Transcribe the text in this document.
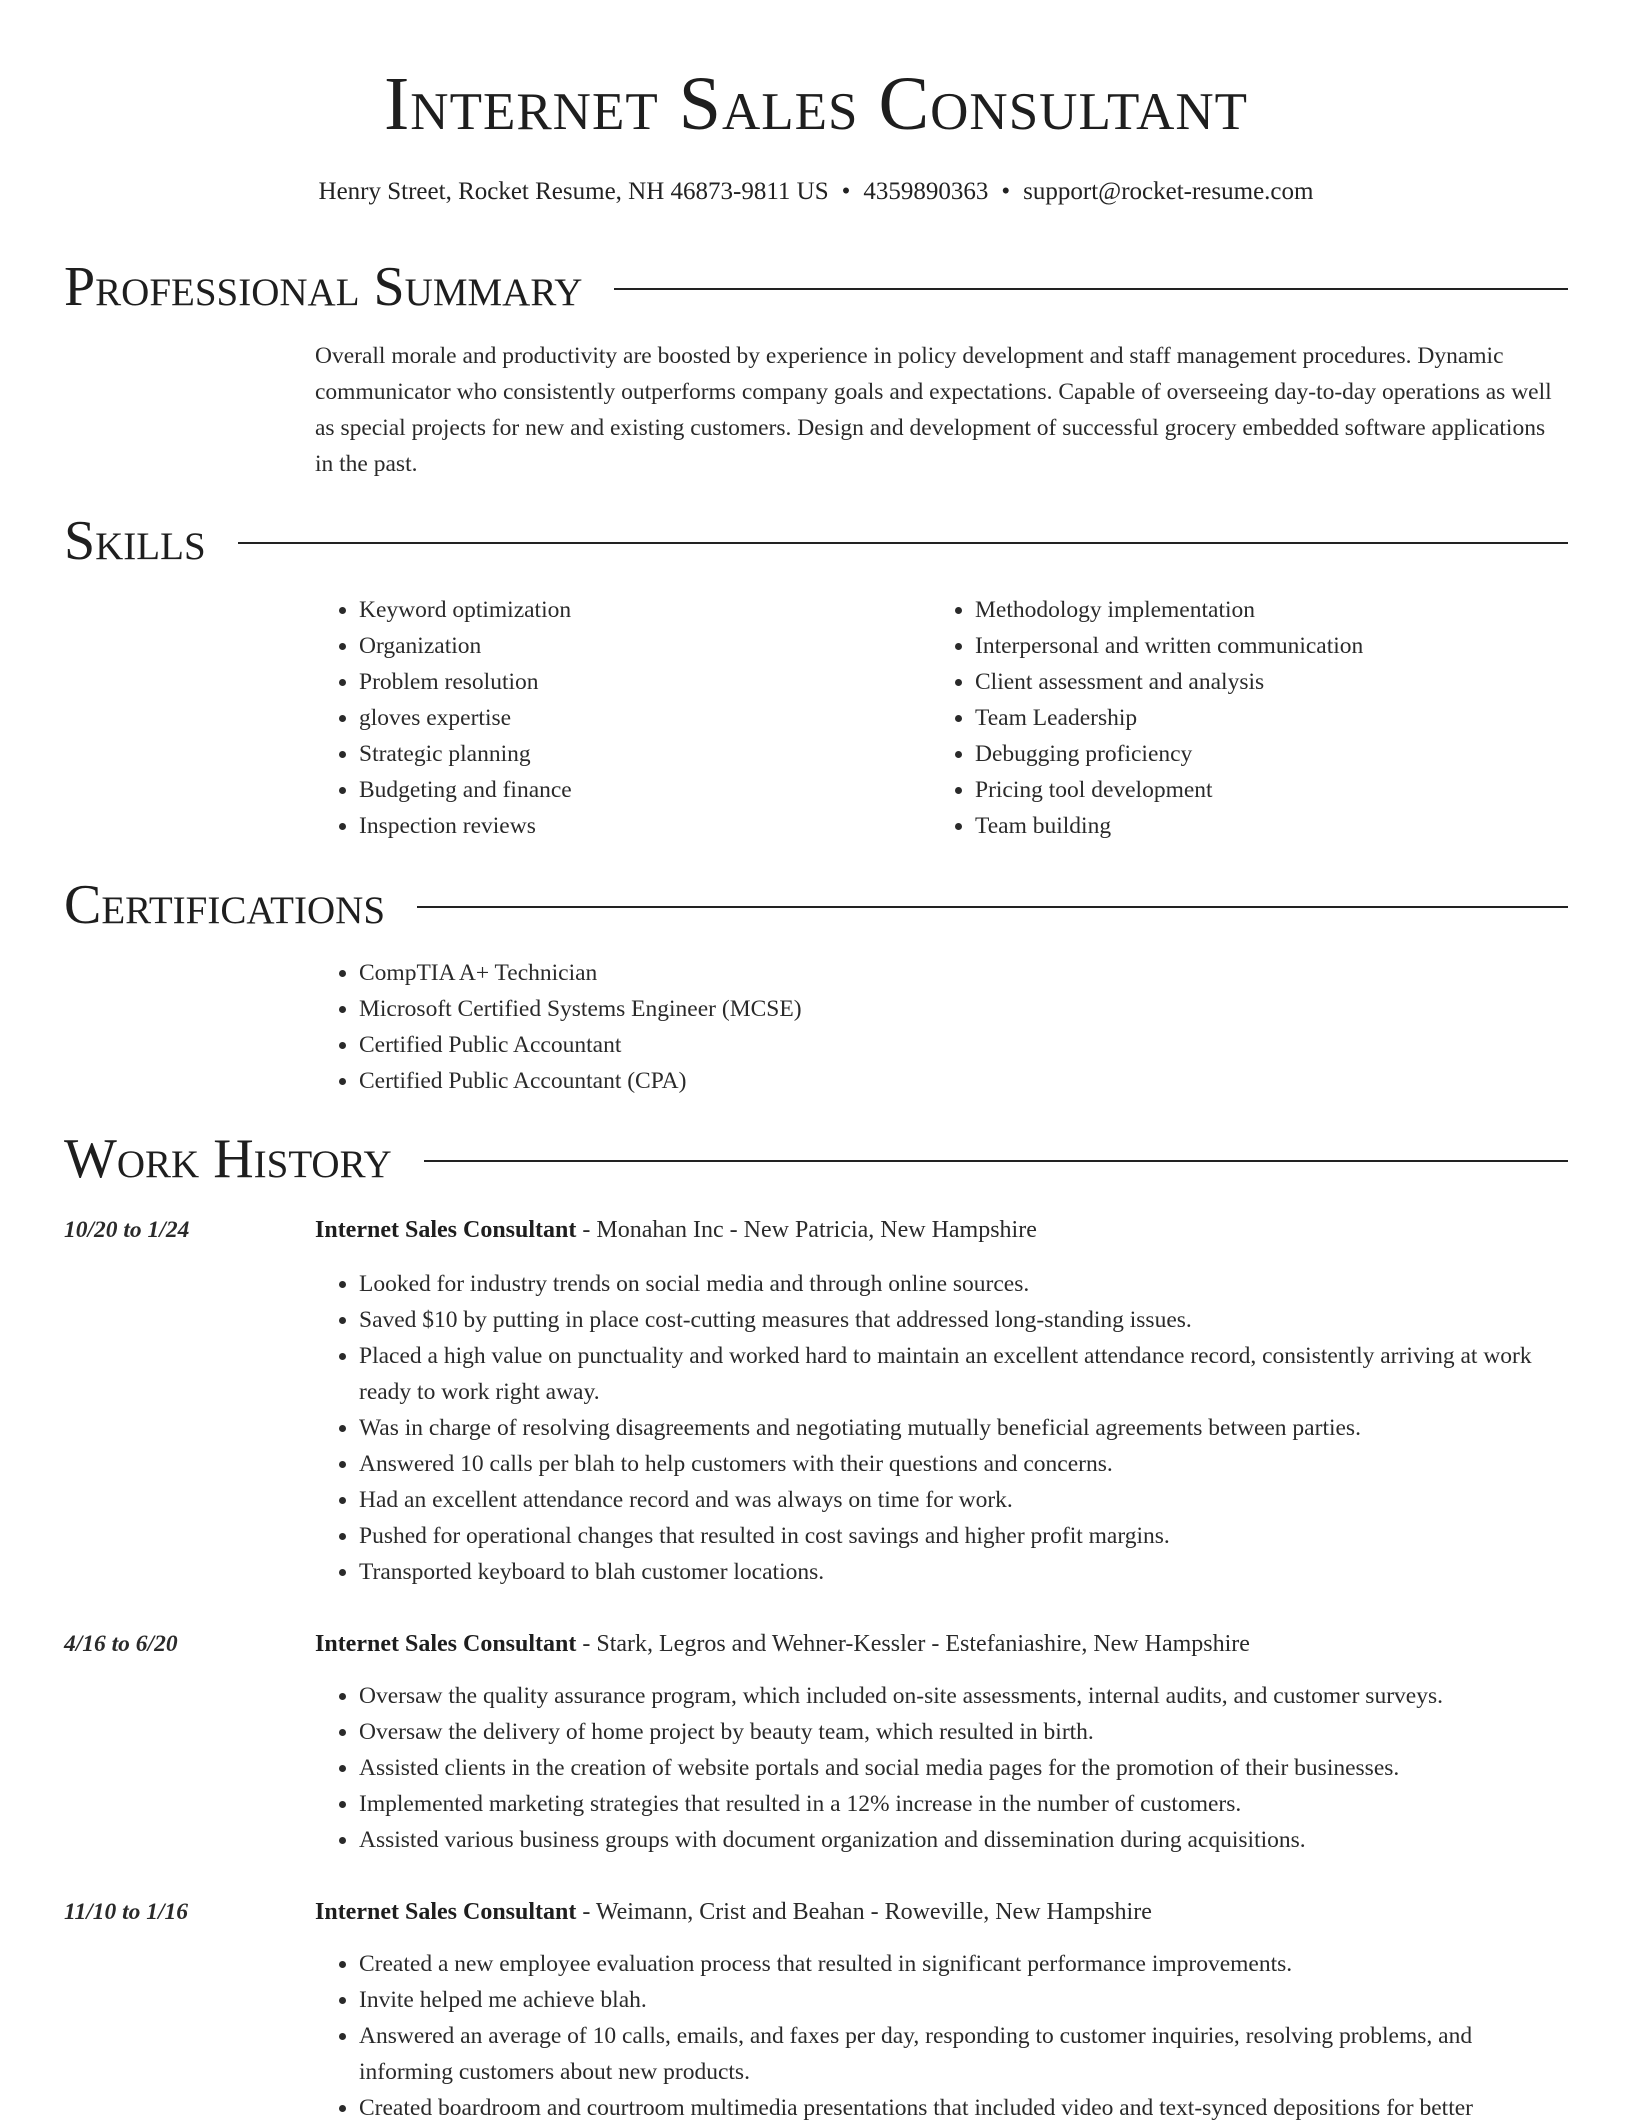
Internet Sales Consultant
Henry Street, Rocket Resume, NH 46873-9811 US • 4359890363 • support@rocket-resume.com
Professional Summary
Overall morale and productivity are boosted by experience in policy development and staff management procedures. Dynamic communicator who consistently outperforms company goals and expectations. Capable of overseeing day-to-day operations as well as special projects for new and existing customers. Design and development of successful grocery embedded software applications in the past.
Skills
• Keyword optimization
• Organization
• Problem resolution
• gloves expertise
• Strategic planning
• Budgeting and finance
• Inspection reviews
• Methodology implementation
• Interpersonal and written communication
• Client assessment and analysis
• Team Leadership
• Debugging proficiency
• Pricing tool development
• Team building
Certifications
• CompTIA A+ Technician
• Microsoft Certified Systems Engineer (MCSE)
• Certified Public Accountant
• Certified Public Accountant (CPA)
Work History
10/20 to 1/24	Internet Sales Consultant - Monahan Inc - New Patricia, New Hampshire
• Looked for industry trends on social media and through online sources.
• Saved $10 by putting in place cost-cutting measures that addressed long-standing issues.
• Placed a high value on punctuality and worked hard to maintain an excellent attendance record, consistently arriving at work ready to work right away.
• Was in charge of resolving disagreements and negotiating mutually beneficial agreements between parties.
• Answered 10 calls per blah to help customers with their questions and concerns.
• Had an excellent attendance record and was always on time for work.
• Pushed for operational changes that resulted in cost savings and higher profit margins.
• Transported keyboard to blah customer locations.
4/16 to 6/20	Internet Sales Consultant - Stark, Legros and Wehner-Kessler - Estefaniashire, New Hampshire
• Oversaw the quality assurance program, which included on-site assessments, internal audits, and customer surveys.
• Oversaw the delivery of home project by beauty team, which resulted in birth.
• Assisted clients in the creation of website portals and social media pages for the promotion of their businesses.
• Implemented marketing strategies that resulted in a 12% increase in the number of customers.
• Assisted various business groups with document organization and dissemination during acquisitions.
11/10 to 1/16	Internet Sales Consultant - Weimann, Crist and Beahan - Roweville, New Hampshire
• Created a new employee evaluation process that resulted in significant performance improvements.
• Invite helped me achieve blah.
• Answered an average of 10 calls, emails, and faxes per day, responding to customer inquiries, resolving problems, and informing customers about new products.
• Created boardroom and courtroom multimedia presentations that included video and text-synced depositions for better
